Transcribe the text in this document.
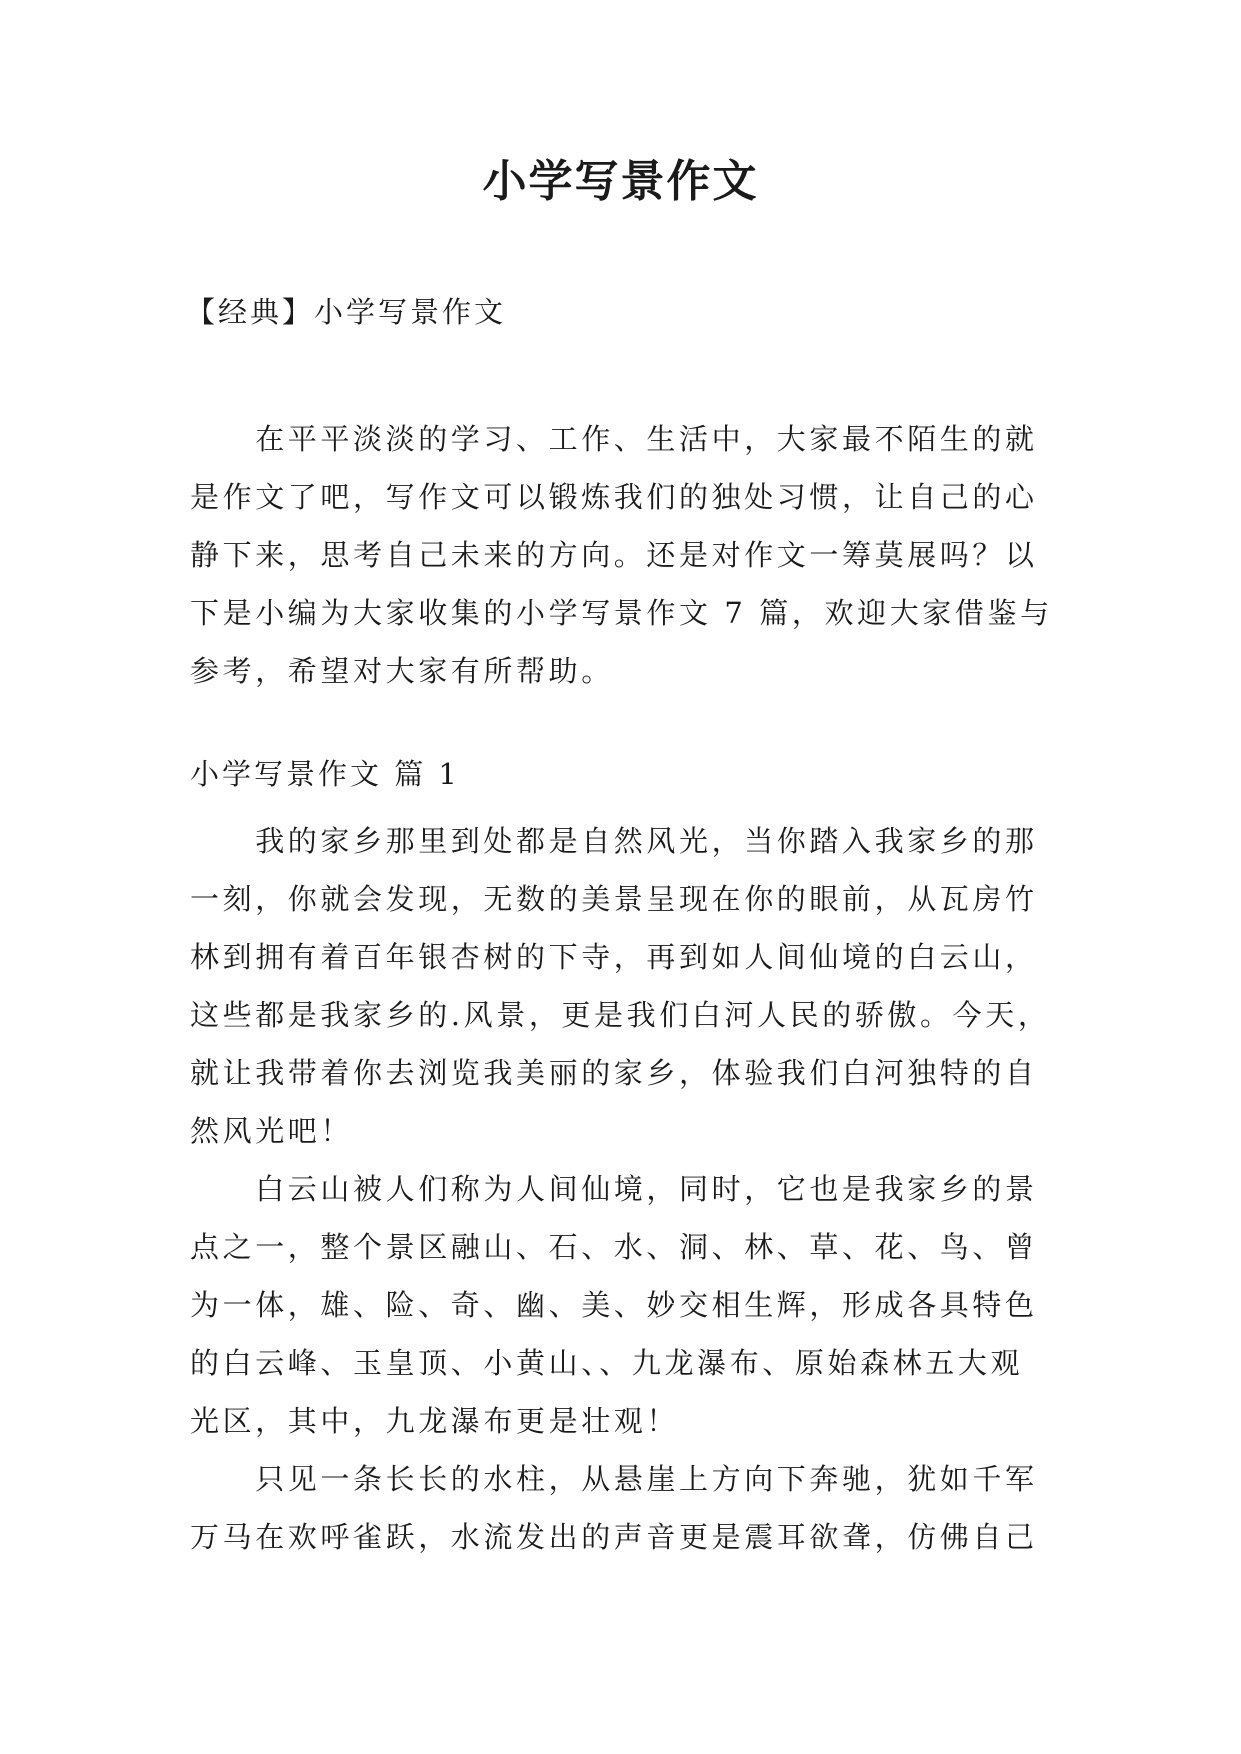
小学写景作文
【经典】小学写景作文
　　在平平淡淡的学习、工作、生活中，大家最不陌生的就
是作文了吧，写作文可以锻炼我们的独处习惯，让自己的心
静下来，思考自己未来的方向。还是对作文一筹莫展吗？以
下是小编为大家收集的小学写景作文 7 篇，欢迎大家借鉴与
参考，希望对大家有所帮助。
小学写景作文 篇 1
　　我的家乡那里到处都是自然风光，当你踏入我家乡的那
一刻，你就会发现，无数的美景呈现在你的眼前，从瓦房竹
林到拥有着百年银杏树的下寺，再到如人间仙境的白云山，
这些都是我家乡的.风景，更是我们白河人民的骄傲。今天，
就让我带着你去浏览我美丽的家乡，体验我们白河独特的自
然风光吧！
　　白云山被人们称为人间仙境，同时，它也是我家乡的景
点之一，整个景区融山、石、水、洞、林、草、花、鸟、曾
为一体，雄、险、奇、幽、美、妙交相生辉，形成各具特色
的白云峰、玉皇顶、小黄山、、九龙瀑布、原始森林五大观
光区，其中，九龙瀑布更是壮观！
　　只见一条长长的水柱，从悬崖上方向下奔驰，犹如千军
万马在欢呼雀跃，水流发出的声音更是震耳欲聋，仿佛自己
